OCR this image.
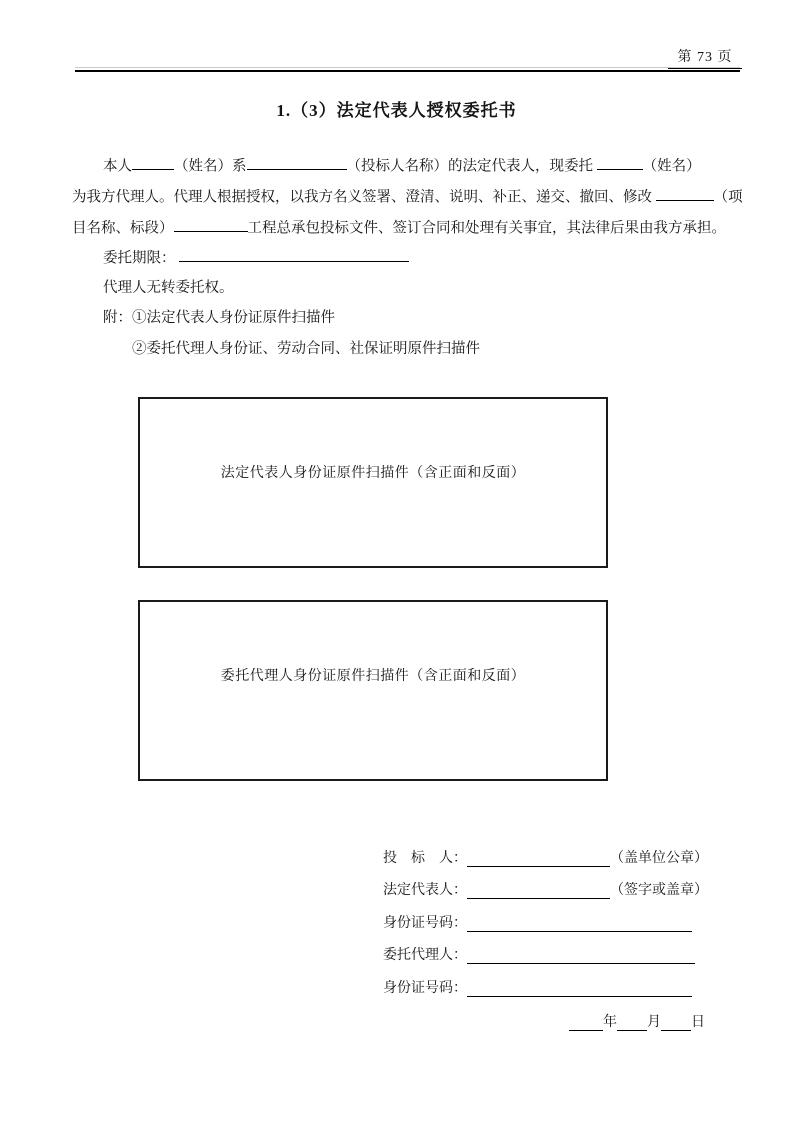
第 73 页
1.（3）法定代表人授权委托书
本人	（姓名）系	（投标人名称）的法定代表人，现委托	（姓名）
为我方代理人。代理人根据授权，以我方名义签署、澄清、说明、补正、递交、撤回、修改	（项
目名称、标段）	工程总承包投标文件、签订合同和处理有关事宜，其法律后果由我方承担。
委托期限：
代理人无转委托权。
附：①法定代表人身份证原件扫描件
②委托代理人身份证、劳动合同、社保证明原件扫描件
法定代表人身份证原件扫描件（含正面和反面）
委托代理人身份证原件扫描件（含正面和反面）
投　标　人：	（盖单位公章）
法定代表人：	（签字或盖章）
身份证号码：
委托代理人：
身份证号码：
年 月 日
